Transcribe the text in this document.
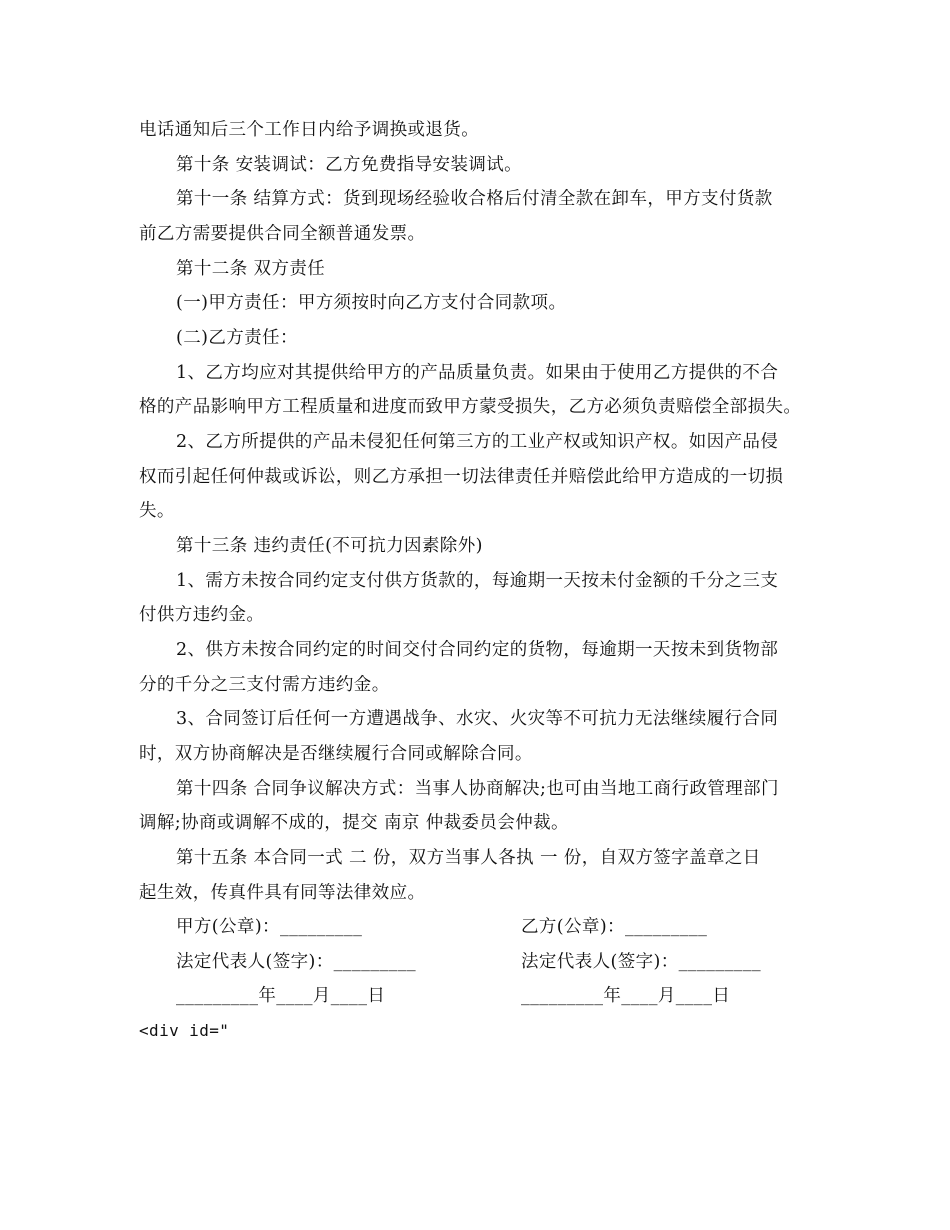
电话通知后三个工作日内给予调换或退货。
第十条 安装调试：乙方免费指导安装调试。
第十一条 结算方式：货到现场经验收合格后付清全款在卸车，甲方支付货款
前乙方需要提供合同全额普通发票。
第十二条 双方责任
(一)甲方责任：甲方须按时向乙方支付合同款项。
(二)乙方责任：
1、乙方均应对其提供给甲方的产品质量负责。如果由于使用乙方提供的不合
格的产品影响甲方工程质量和进度而致甲方蒙受损失，乙方必须负责赔偿全部损失。
2、乙方所提供的产品未侵犯任何第三方的工业产权或知识产权。如因产品侵
权而引起任何仲裁或诉讼，则乙方承担一切法律责任并赔偿此给甲方造成的一切损
失。
第十三条 违约责任(不可抗力因素除外)
1、需方未按合同约定支付供方货款的，每逾期一天按未付金额的千分之三支
付供方违约金。
2、供方未按合同约定的时间交付合同约定的货物，每逾期一天按未到货物部
分的千分之三支付需方违约金。
3、合同签订后任何一方遭遇战争、水灾、火灾等不可抗力无法继续履行合同
时，双方协商解决是否继续履行合同或解除合同。
第十四条 合同争议解决方式：当事人协商解决;也可由当地工商行政管理部门
调解;协商或调解不成的，提交 南京 仲裁委员会仲裁。
第十五条 本合同一式 二 份，双方当事人各执 一 份，自双方签字盖章之日
起生效，传真件具有同等法律效应。
甲方(公章)：_________	乙方(公章)：_________
法定代表人(签字)：_________	法定代表人(签字)：_________
_________年____月____日	_________年____月____日
<div id="
